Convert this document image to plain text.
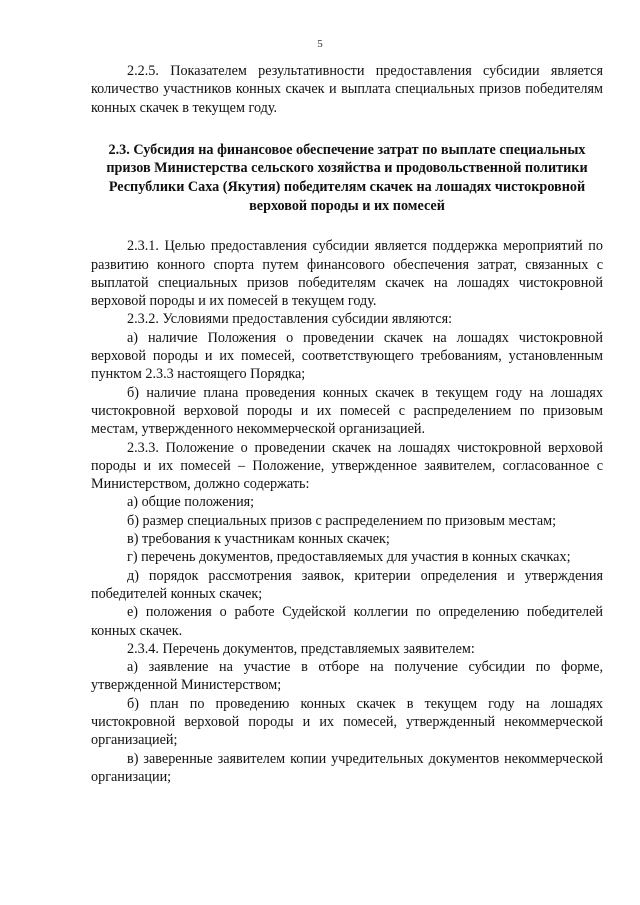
5

2.2.5. Показателем результативности предоставления субсидии является количество участников конных скачек и выплата специальных призов победителям конных скачек в текущем году.

2.3. Субсидия на финансовое обеспечение затрат по выплате специальных призов Министерства сельского хозяйства и продовольственной политики Республики Саха (Якутия) победителям скачек на лошадях чистокровной верховой породы и их помесей

2.3.1. Целью предоставления субсидии является поддержка мероприятий по развитию конного спорта путем финансового обеспечения затрат, связанных с выплатой специальных призов победителям скачек на лошадях чистокровной верховой породы и их помесей в текущем году.

2.3.2. Условиями предоставления субсидии являются:

а) наличие Положения о проведении скачек на лошадях чистокровной верховой породы и их помесей, соответствующего требованиям, установленным пунктом 2.3.3 настоящего Порядка;

б) наличие плана проведения конных скачек в текущем году на лошадях чистокровной верховой породы и их помесей с распределением по призовым местам, утвержденного некоммерческой организацией.

2.3.3. Положение о проведении скачек на лошадях чистокровной верховой породы и их помесей – Положение, утвержденное заявителем, согласованное с Министерством, должно содержать:

а) общие положения;

б) размер специальных призов с распределением по призовым местам;

в) требования к участникам конных скачек;

г) перечень документов, предоставляемых для участия в конных скачках;

д) порядок рассмотрения заявок, критерии определения и утверждения победителей конных скачек;

е) положения о работе Судейской коллегии по определению победителей конных скачек.

2.3.4. Перечень документов, представляемых заявителем:

а) заявление на участие в отборе на получение субсидии по форме, утвержденной Министерством;

б) план по проведению конных скачек в текущем году на лошадях чистокровной верховой породы и их помесей, утвержденный некоммерческой организацией;

в) заверенные заявителем копии учредительных документов некоммерческой организации;
